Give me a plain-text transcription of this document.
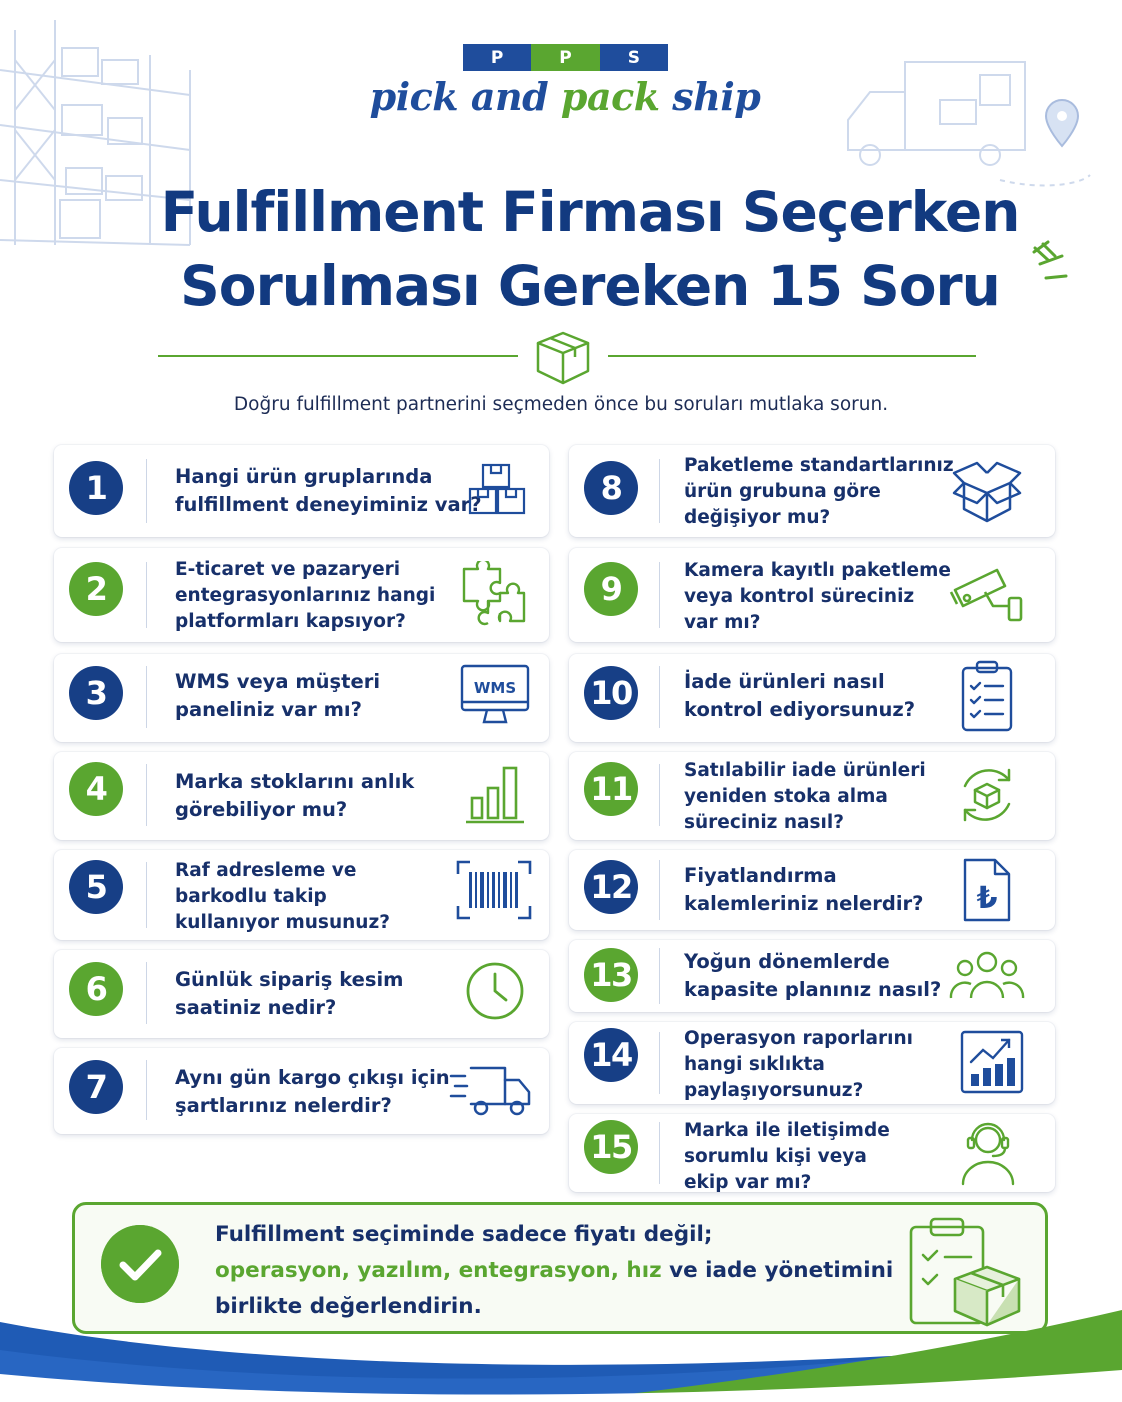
P	P	S
pick and pack ship
Fulfillment Firması Seçerken
Sorulması Gereken 15 Soru
Doğru fulfillment partnerini seçmeden önce bu soruları mutlaka sorun.
1	Hangi ürün gruplarında
fulfillment deneyiminiz var?
2
E-ticaret ve pazaryeri
entegrasyonlarınız hangi
platformları kapsıyor?
3	WMS veya müşteri
paneliniz var mı?
WMS
4	Marka stoklarını anlık
görebiliyor mu?
5	Raf adresleme ve
barkodlu takip
kullanıyor musunuz?
6	Günlük sipariş kesim
saatiniz nedir?
7	Aynı gün kargo çıkışı için
şartlarınız nelerdir?
8
Paketleme standartlarınız
ürün grubuna göre
değişiyor mu?
9	Kamera kayıtlı paketleme
veya kontrol süreciniz
var mı?
10	İade ürünleri nasıl
kontrol ediyorsunuz?
11	Satılabilir iade ürünleri
yeniden stoka alma
süreciniz nasıl?
12	Fiyatlandırma
kalemleriniz nelerdir? ₺
13	Yoğun dönemlerde
kapasite planınız nasıl?
14	Operasyon raporlarını
hangi sıklıkta
paylaşıyorsunuz?
15	Marka ile iletişimde
sorumlu kişi veya
ekip var mı?
Fulfillment seçiminde sadece fiyatı değil;
operasyon, yazılım, entegrasyon, hız ve iade yönetimini
birlikte değerlendirin.
